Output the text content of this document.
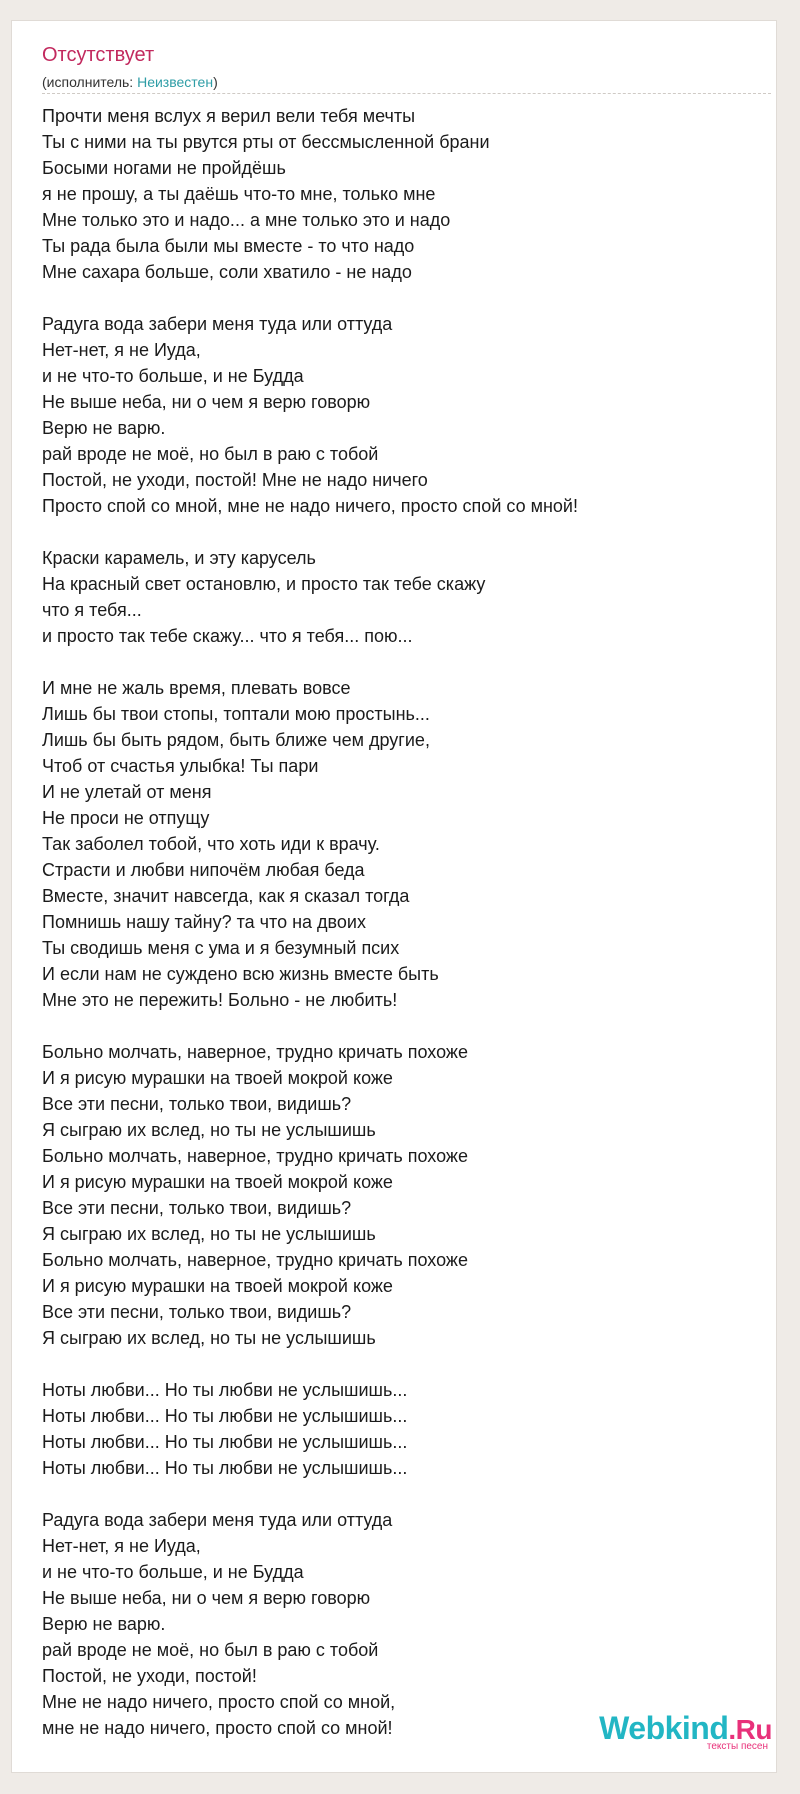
Отсутствует
(исполнитель: Неизвестен)
Прочти меня вслух я верил вели тебя мечты
Ты с ними на ты рвутся рты от бессмысленной брани
Босыми ногами не пройдёшь
я не прошу, а ты даёшь что-то мне, только мне
Мне только это и надо... а мне только это и надо
Ты рада была были мы вместе - то что надо
Мне сахара больше, соли хватило - не надо
Радуга вода забери меня туда или оттуда
Нет-нет, я не Иуда,
и не что-то больше, и не Будда
Не выше неба, ни о чем я верю говорю
Верю не варю.
рай вроде не моё, но был в раю с тобой
Постой, не уходи, постой! Мне не надо ничего
Просто спой со мной, мне не надо ничего, просто спой со мной!
Краски карамель, и эту карусель
На красный свет остановлю, и просто так тебе скажу
что я тебя...
и просто так тебе скажу... что я тебя... пою...
И мне не жаль время, плевать вовсе
Лишь бы твои стопы, топтали мою простынь...
Лишь бы быть рядом, быть ближе чем другие,
Чтоб от счастья улыбка! Ты пари
И не улетай от меня
Не проси не отпущу
Так заболел тобой, что хоть иди к врачу.
Страсти и любви нипочём любая беда
Вместе, значит навсегда, как я сказал тогда
Помнишь нашу тайну? та что на двоих
Ты сводишь меня с ума и я безумный псих
И если нам не суждено всю жизнь вместе быть
Мне это не пережить! Больно - не любить!
Больно молчать, наверное, трудно кричать похоже
И я рисую мурашки на твоей мокрой коже
Все эти песни, только твои, видишь?
Я сыграю их вслед, но ты не услышишь
Больно молчать, наверное, трудно кричать похоже
И я рисую мурашки на твоей мокрой коже
Все эти песни, только твои, видишь?
Я сыграю их вслед, но ты не услышишь
Больно молчать, наверное, трудно кричать похоже
И я рисую мурашки на твоей мокрой коже
Все эти песни, только твои, видишь?
Я сыграю их вслед, но ты не услышишь
Ноты любви... Но ты любви не услышишь...
Ноты любви... Но ты любви не услышишь...
Ноты любви... Но ты любви не услышишь...
Ноты любви... Но ты любви не услышишь...
Радуга вода забери меня туда или оттуда
Нет-нет, я не Иуда,
и не что-то больше, и не Будда
Не выше неба, ни о чем я верю говорю
Верю не варю.
рай вроде не моё, но был в раю с тобой
Постой, не уходи, постой!
Мне не надо ничего, просто спой со мной,
мне не надо ничего, просто спой со мной!	Webkind.Ru
тексты песен
